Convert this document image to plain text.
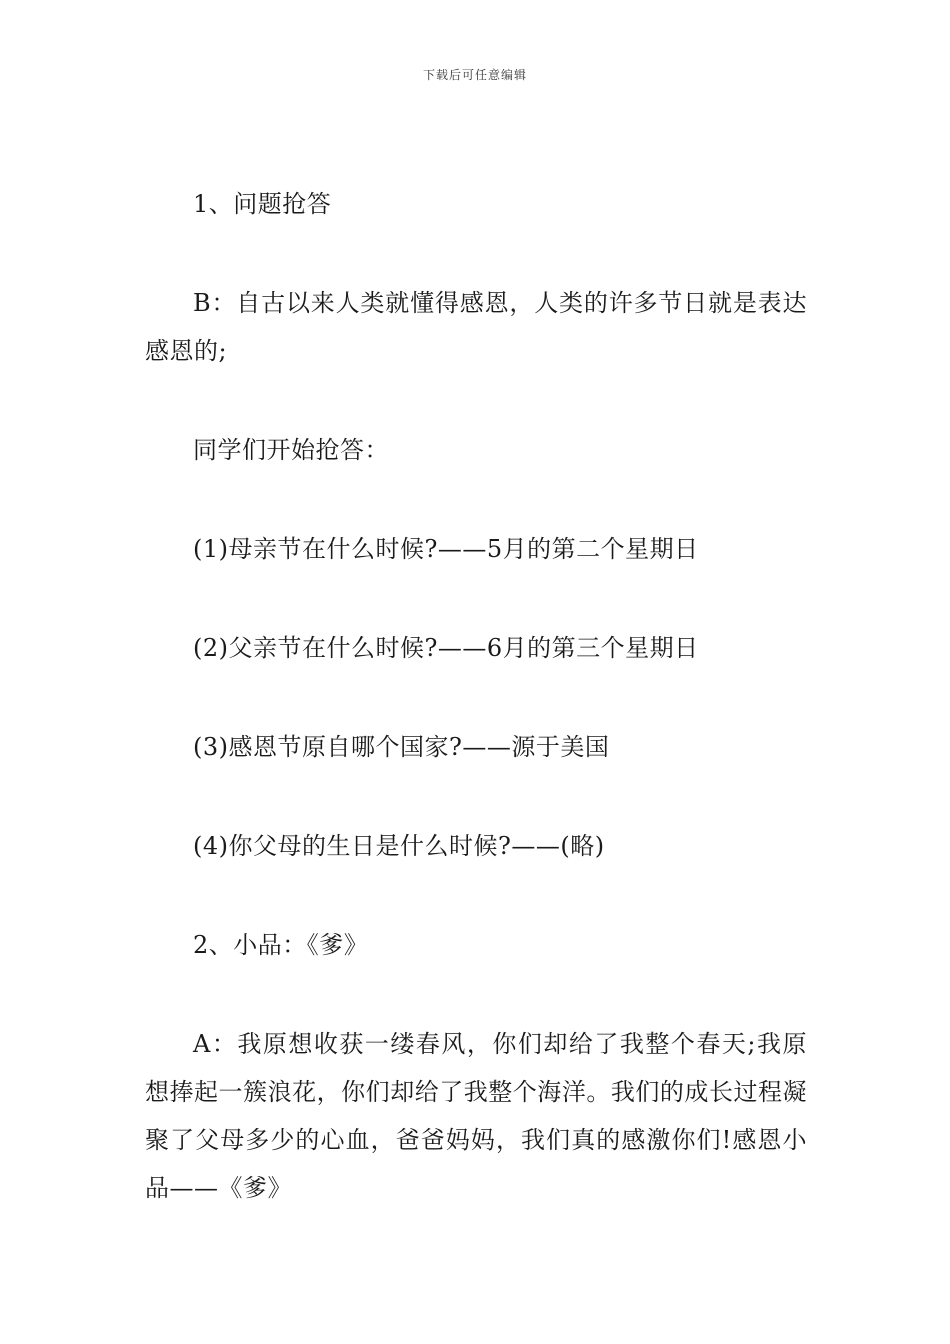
下载后可任意编辑

1、问题抢答

B：自古以来人类就懂得感恩，人类的许多节日就是表达感恩的;

同学们开始抢答：

(1)母亲节在什么时候?——5月的第二个星期日

(2)父亲节在什么时候?——6月的第三个星期日

(3)感恩节原自哪个国家?——源于美国

(4)你父母的生日是什么时候?——(略)

2、小品：《爹》

A：我原想收获一缕春风，你们却给了我整个春天;我原想捧起一簇浪花，你们却给了我整个海洋。我们的成长过程凝聚了父母多少的心血，爸爸妈妈，我们真的感激你们!感恩小品——《爹》
